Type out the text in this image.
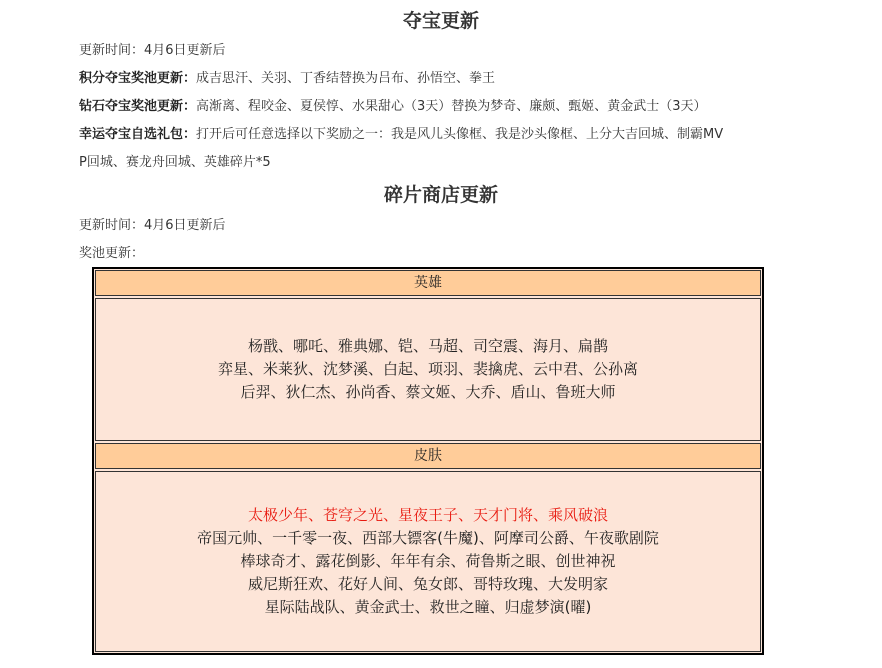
夺宝更新
更新时间：4月6日更新后
积分夺宝奖池更新：成吉思汗、关羽、丁香结替换为吕布、孙悟空、拳王
钻石夺宝奖池更新：高渐离、程咬金、夏侯惇、水果甜心（3天）替换为梦奇、廉颇、甄姬、黄金武士（3天）
幸运夺宝自选礼包：打开后可任意选择以下奖励之一：我是风儿头像框、我是沙头像框、上分大吉回城、制霸MV
P回城、赛龙舟回城、英雄碎片*5
碎片商店更新
更新时间：4月6日更新后
奖池更新：
英雄
杨戬、哪吒、雅典娜、铠、马超、司空震、海月、扁鹊
弈星、米莱狄、沈梦溪、白起、项羽、裴擒虎、云中君、公孙离
后羿、狄仁杰、孙尚香、蔡文姬、大乔、盾山、鲁班大师
皮肤
太极少年、苍穹之光、星夜王子、天才门将、乘风破浪
帝国元帅、一千零一夜、西部大镖客(牛魔)、阿摩司公爵、午夜歌剧院
棒球奇才、露花倒影、年年有余、荷鲁斯之眼、创世神祝
威尼斯狂欢、花好人间、兔女郎、哥特玫瑰、大发明家
星际陆战队、黄金武士、救世之瞳、归虚梦演(曜)
